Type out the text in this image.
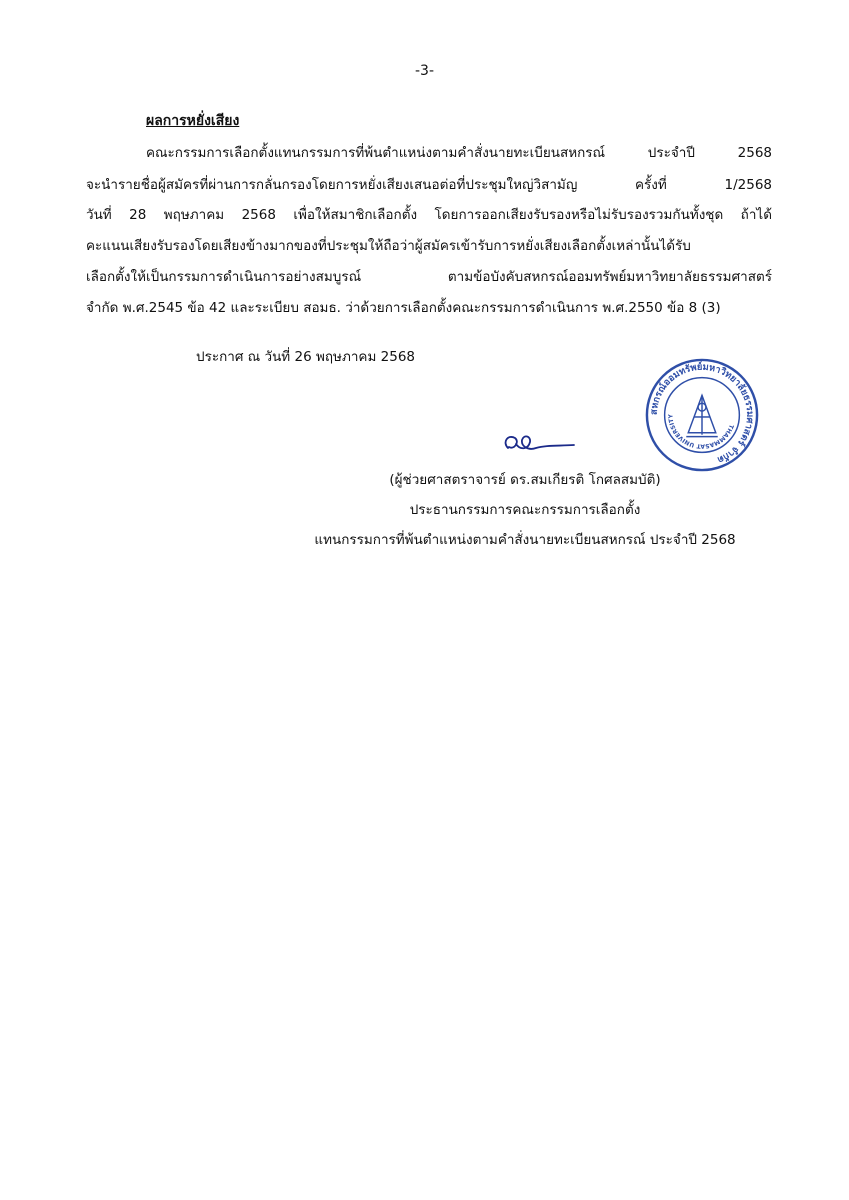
-3-
ผลการหยั่งเสียง
คณะกรรมการเลือกตั้งแทนกรรมการที่พ้นตำแหน่งตามคำสั่งนายทะเบียนสหกรณ์ ประจำปี 2568
จะนำรายชื่อผู้สมัครที่ผ่านการกลั่นกรองโดยการหยั่งเสียงเสนอต่อที่ประชุมใหญ่วิสามัญ ครั้งที่ 1/2568
วันที่ 28 พฤษภาคม 2568 เพื่อให้สมาชิกเลือกตั้ง โดยการออกเสียงรับรองหรือไม่รับรองรวมกันทั้งชุด ถ้าได้
คะแนนเสียงรับรองโดยเสียงข้างมากของที่ประชุมให้ถือว่าผู้สมัครเข้ารับการหยั่งเสียงเลือกตั้งเหล่านั้นได้รับ
เลือกตั้งให้เป็นกรรมการดำเนินการอย่างสมบูรณ์ ตามข้อบังคับสหกรณ์ออมทรัพย์มหาวิทยาลัยธรรมศาสตร์
จำกัด พ.ศ.2545 ข้อ 42 และระเบียบ สอมธ. ว่าด้วยการเลือกตั้งคณะกรรมการดำเนินการ พ.ศ.2550 ข้อ 8 (3)
ประกาศ ณ วันที่ 26 พฤษภาคม 2568
สหกรณ์ออมทรัพย์มหาวิทยาลัยธรรมศาสตร์ จำกัด
THAMMASAT UNIVERSITY
(ผู้ช่วยศาสตราจารย์ ดร.สมเกียรติ โกศลสมบัติ)
ประธานกรรมการคณะกรรมการเลือกตั้ง
แทนกรรมการที่พ้นตำแหน่งตามคำสั่งนายทะเบียนสหกรณ์ ประจำปี 2568
